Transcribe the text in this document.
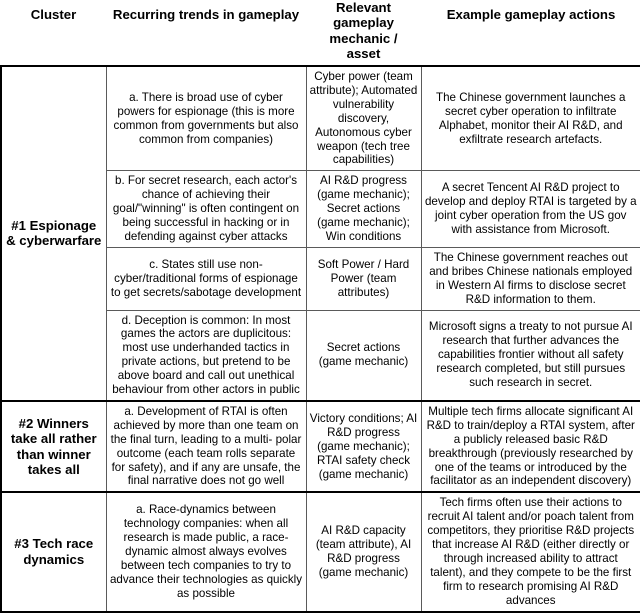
Cluster	Recurring trends in gameplay	Relevant gameplay mechanic / asset	Example gameplay actions
#1 Espionage & cyberwarfare	a. There is broad use of cyber powers for espionage (this is more common from governments but also common from companies)	Cyber power (team attribute); Automated vulnerability discovery, Autonomous cyber weapon (tech tree capabilities)	The Chinese government launches a secret cyber operation to infiltrate Alphabet, monitor their AI R&D, and exfiltrate research artefacts.
	b. For secret research, each actor's chance of achieving their goal/"winning" is often contingent on being successful in hacking or in defending against cyber attacks	AI R&D progress (game mechanic); Secret actions (game mechanic); Win conditions	A secret Tencent AI R&D project to develop and deploy RTAI is targeted by a joint cyber operation from the US gov with assistance from Microsoft.
	c. States still use non-cyber/traditional forms of espionage to get secrets/sabotage development	Soft Power / Hard Power (team attributes)	The Chinese government reaches out and bribes Chinese nationals employed in Western AI firms to disclose secret R&D information to them.
	d. Deception is common: In most games the actors are duplicitous: most use underhanded tactics in private actions, but pretend to be above board and call out unethical behaviour from other actors in public	Secret actions (game mechanic)	Microsoft signs a treaty to not pursue AI research that further advances the capabilities frontier without all safety research completed, but still pursues such research in secret.
#2 Winners take all rather than winner takes all	a. Development of RTAI is often achieved by more than one team on the final turn, leading to a multi- polar outcome (each team rolls separate for safety), and if any are unsafe, the final narrative does not go well	Victory conditions; AI R&D progress (game mechanic); RTAI safety check (game mechanic)	Multiple tech firms allocate significant AI R&D to train/deploy a RTAI system, after a publicly released basic R&D breakthrough (previously researched by one of the teams or introduced by the facilitator as an independent discovery)
#3 Tech race dynamics	a. Race-dynamics between technology companies: when all research is made public, a race-dynamic almost always evolves between tech companies to try to advance their technologies as quickly as possible	AI R&D capacity (team attribute), AI R&D progress (game mechanic)	Tech firms often use their actions to recruit AI talent and/or poach talent from competitors, they prioritise R&D projects that increase AI R&D (either directly or through increased ability to attract talent), and they compete to be the first firm to research promising AI R&D advances
